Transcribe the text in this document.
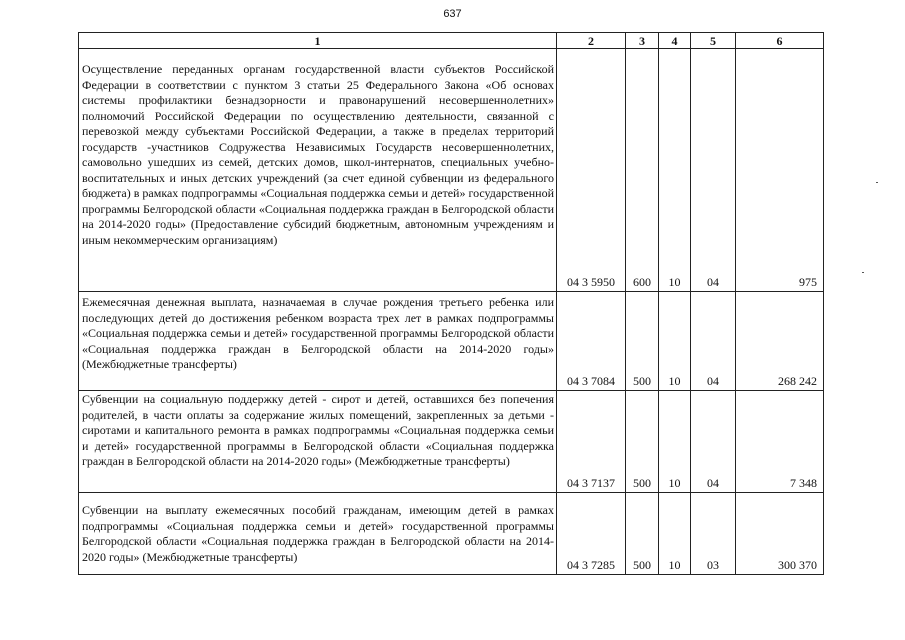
637
1	2	3	4	5	6
Осуществление переданных органам государственной власти субъектов Российской Федерации в соответствии с пунктом 3 статьи 25 Федерального Закона «Об основах системы профилактики безнадзорности и правонарушений несовершеннолетних» полномочий Российской Федерации по осуществлению деятельности, связанной с перевозкой между субъектами Российской Федерации, а также в пределах территорий государств -участников Содружества Независимых Государств несовершеннолетних, самовольно ушедших из семей, детских домов, школ-интернатов, специальных учебно-воспитательных и иных детских учреждений (за счет единой субвенции из федерального бюджета) в рамках подпрограммы «Социальная поддержка семьи и детей» государственной программы Белгородской области «Социальная поддержка граждан в Белгородской области на 2014-2020 годы» (Предоставление субсидий бюджетным, автономным учреждениям и иным некоммерческим организациям)	04 3 5950	600	10	04	975
Ежемесячная денежная выплата, назначаемая в случае рождения третьего ребенка или последующих детей до достижения ребенком возраста трех лет в рамках подпрограммы «Социальная поддержка семьи и детей» государственной программы Белгородской области «Социальная поддержка граждан в Белгородской области на 2014-2020 годы» (Межбюджетные трансферты)	04 3 7084	500	10	04	268 242
Субвенции на социальную поддержку детей - сирот и детей, оставшихся без попечения родителей, в части оплаты за содержание жилых помещений, закрепленных за детьми - сиротами и капитального ремонта в рамках подпрограммы «Социальная поддержка семьи и детей» государственной программы в Белгородской области «Социальная поддержка граждан в Белгородской области на 2014-2020 годы» (Межбюджетные трансферты)	04 3 7137	500	10	04	7 348
Субвенции на выплату ежемесячных пособий гражданам, имеющим детей в рамках подпрограммы «Социальная поддержка семьи и детей» государственной программы Белгородской области «Социальная поддержка граждан в Белгородской области на 2014-2020 годы» (Межбюджетные трансферты)	04 3 7285	500	10	03	300 370
